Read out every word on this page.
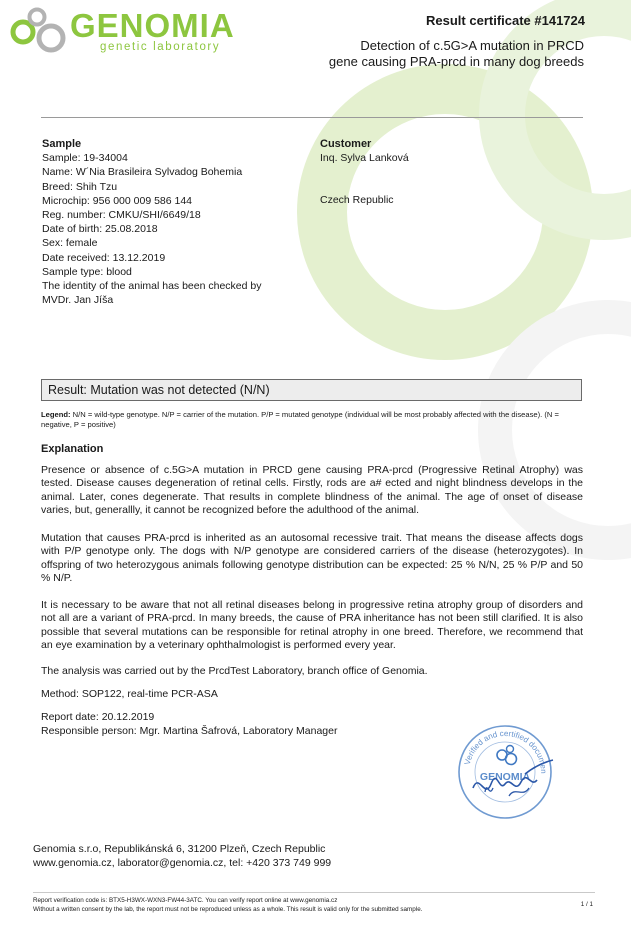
GENOMIA
genetic laboratory
Result certificate #141724
Detection of c.5G>A mutation in PRCD
gene causing PRA-prcd in many dog breeds
Sample
Sample: 19-34004
Name: W´Nia Brasileira Sylvadog Bohemia
Breed: Shih Tzu
Microchip: 956 000 009 586 144
Reg. number: CMKU/SHI/6649/18
Date of birth: 25.08.2018
Sex: female
Date received: 13.12.2019
Sample type: blood
The identity of the animal has been checked by
MVDr. Jan Jíša
Customer
Inq. Sylva Lanková
Czech Republic
Result: Mutation was not detected (N/N)
Legend: N/N = wild-type genotype. N/P = carrier of the mutation. P/P = mutated genotype (individual will be most probably affected with the disease). (N = negative, P = positive)
Explanation
Presence or absence of c.5G>A mutation in PRCD gene causing PRA-prcd (Progressive Retinal Atrophy) was tested. Disease causes degeneration of retinal cells. Firstly, rods are a# ected and night blindness develops in the animal. Later, cones degenerate. That results in complete blindness of the animal. The age of onset of disease varies, but, generallly, it cannot be recognized before the adulthood of the animal.
Mutation that causes PRA-prcd is inherited as an autosomal recessive trait. That means the disease affects dogs with P/P genotype only. The dogs with N/P genotype are considered carriers of the disease (heterozygotes). In offspring of two heterozygous animals following genotype distribution can be expected: 25 % N/N, 25 % P/P and 50 % N/P.
It is necessary to be aware that not all retinal diseases belong in progressive retina atrophy group of disorders and not all are a variant of PRA-prcd. In many breeds, the cause of PRA inheritance has not been still clarified. It is also possible that several mutations can be responsible for retinal atrophy in one breed. Therefore, we recommend that an eye examination by a veterinary ophthalmologist is performed every year.
The analysis was carried out by the PrcdTest Laboratory, branch office of Genomia.
Method: SOP122, real-time PCR-ASA
Report date: 20.12.2019
Responsible person: Mgr. Martina Šafrová, Laboratory Manager
Verified and certified documen
GENOMIA
Genomia s.r.o, Republikánská 6, 31200 Plzeň, Czech Republic
www.genomia.cz, laborator@genomia.cz, tel: +420 373 749 999
Report verification code is: BTX5-H3WX-WXN3-FW44-3ATC. You can verify report online at www.genomia.cz
Without a written consent by the lab, the report must not be reproduced unless as a whole. This result is valid only for the submitted sample.
1 / 1
